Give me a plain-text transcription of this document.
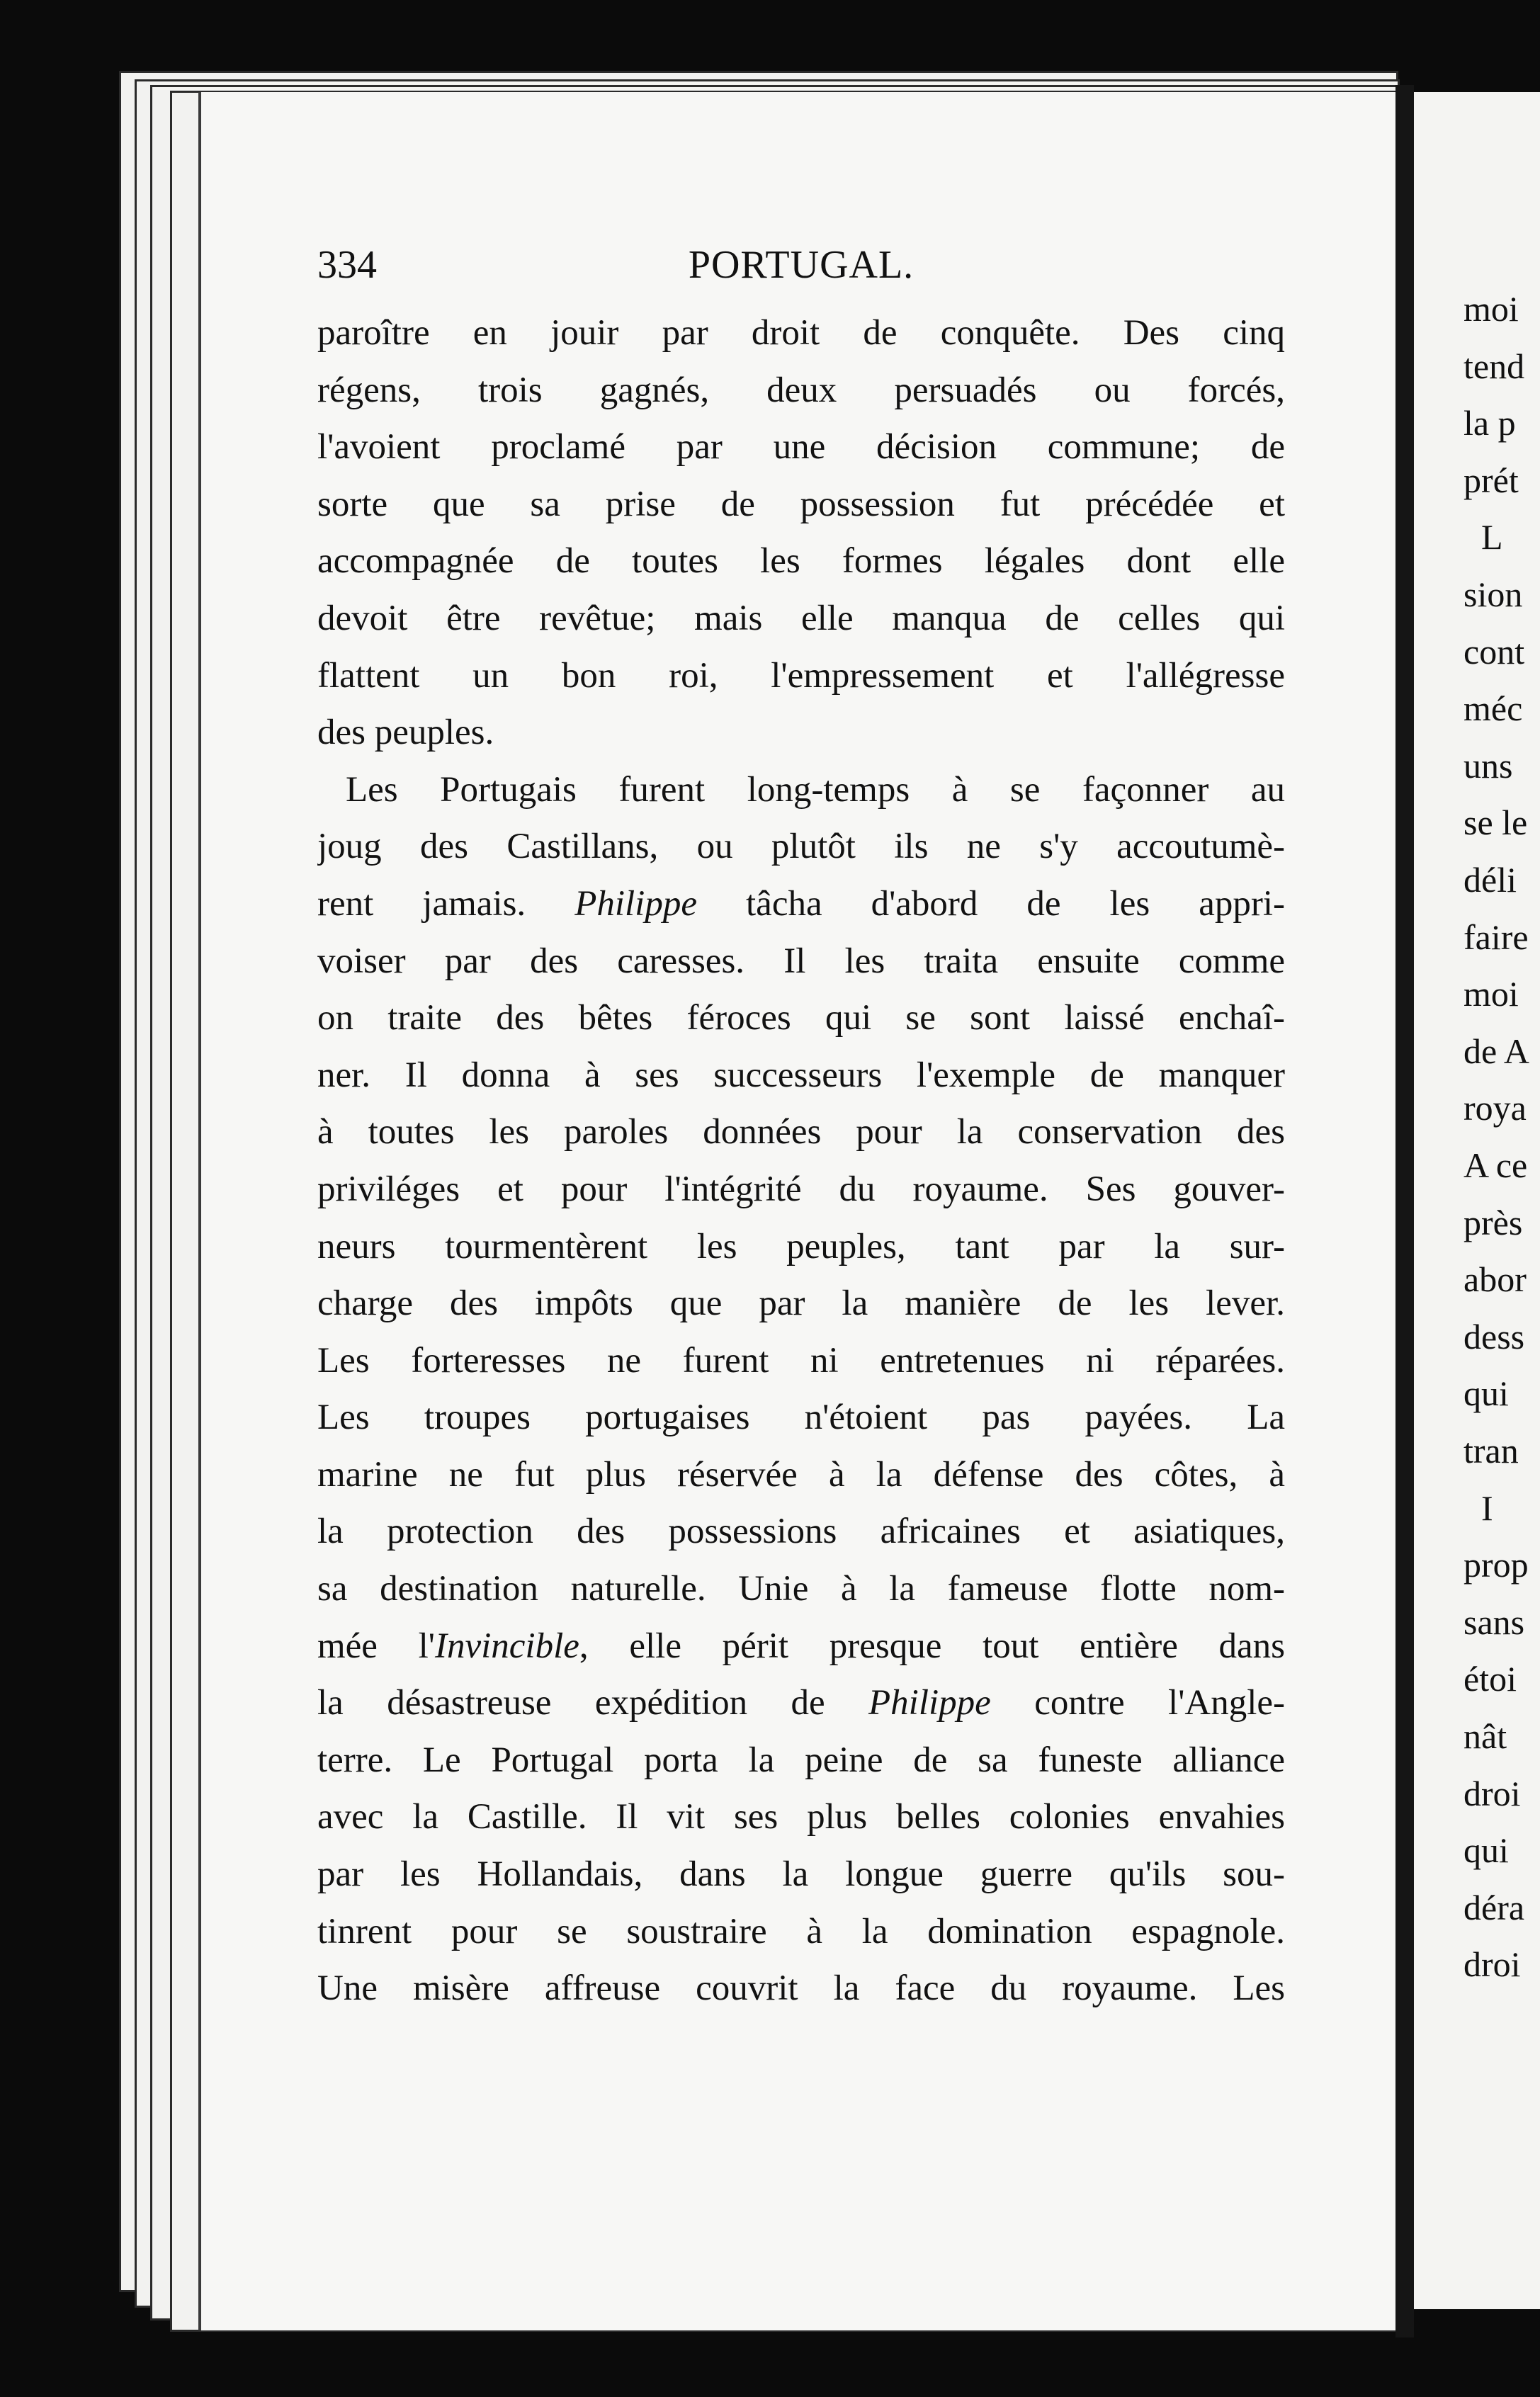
moi
tend
la p
prét
L
sion
cont
méc
uns
se le
déli
faire
moi
de A
roya
A ce
près
abor
dess
qui
tran
I
prop
sans
étoi
nât
droi
qui
déra
droi
334	PORTUGAL.
paroître en jouir par droit de conquête. Des cinq
régens, trois gagnés, deux persuadés ou forcés,
l'avoient proclamé par une décision commune; de
sorte que sa prise de possession fut précédée et
accompagnée de toutes les formes légales dont elle
devoit être revêtue; mais elle manqua de celles qui
flattent un bon roi, l'empressement et l'allégresse
des peuples.
Les Portugais furent long-temps à se façonner au
joug des Castillans, ou plutôt ils ne s'y accoutumè-
rent jamais. Philippe tâcha d'abord de les appri-
voiser par des caresses. Il les traita ensuite comme
on traite des bêtes féroces qui se sont laissé enchaî-
ner. Il donna à ses successeurs l'exemple de manquer
à toutes les paroles données pour la conservation des
priviléges et pour l'intégrité du royaume. Ses gouver-
neurs tourmentèrent les peuples, tant par la sur-
charge des impôts que par la manière de les lever.
Les forteresses ne furent ni entretenues ni réparées.
Les troupes portugaises n'étoient pas payées. La
marine ne fut plus réservée à la défense des côtes, à
la protection des possessions africaines et asiatiques,
sa destination naturelle. Unie à la fameuse flotte nom-
mée l'Invincible, elle périt presque tout entière dans
la désastreuse expédition de Philippe contre l'Angle-
terre. Le Portugal porta la peine de sa funeste alliance
avec la Castille. Il vit ses plus belles colonies envahies
par les Hollandais, dans la longue guerre qu'ils sou-
tinrent pour se soustraire à la domination espagnole.
Une misère affreuse couvrit la face du royaume. Les
